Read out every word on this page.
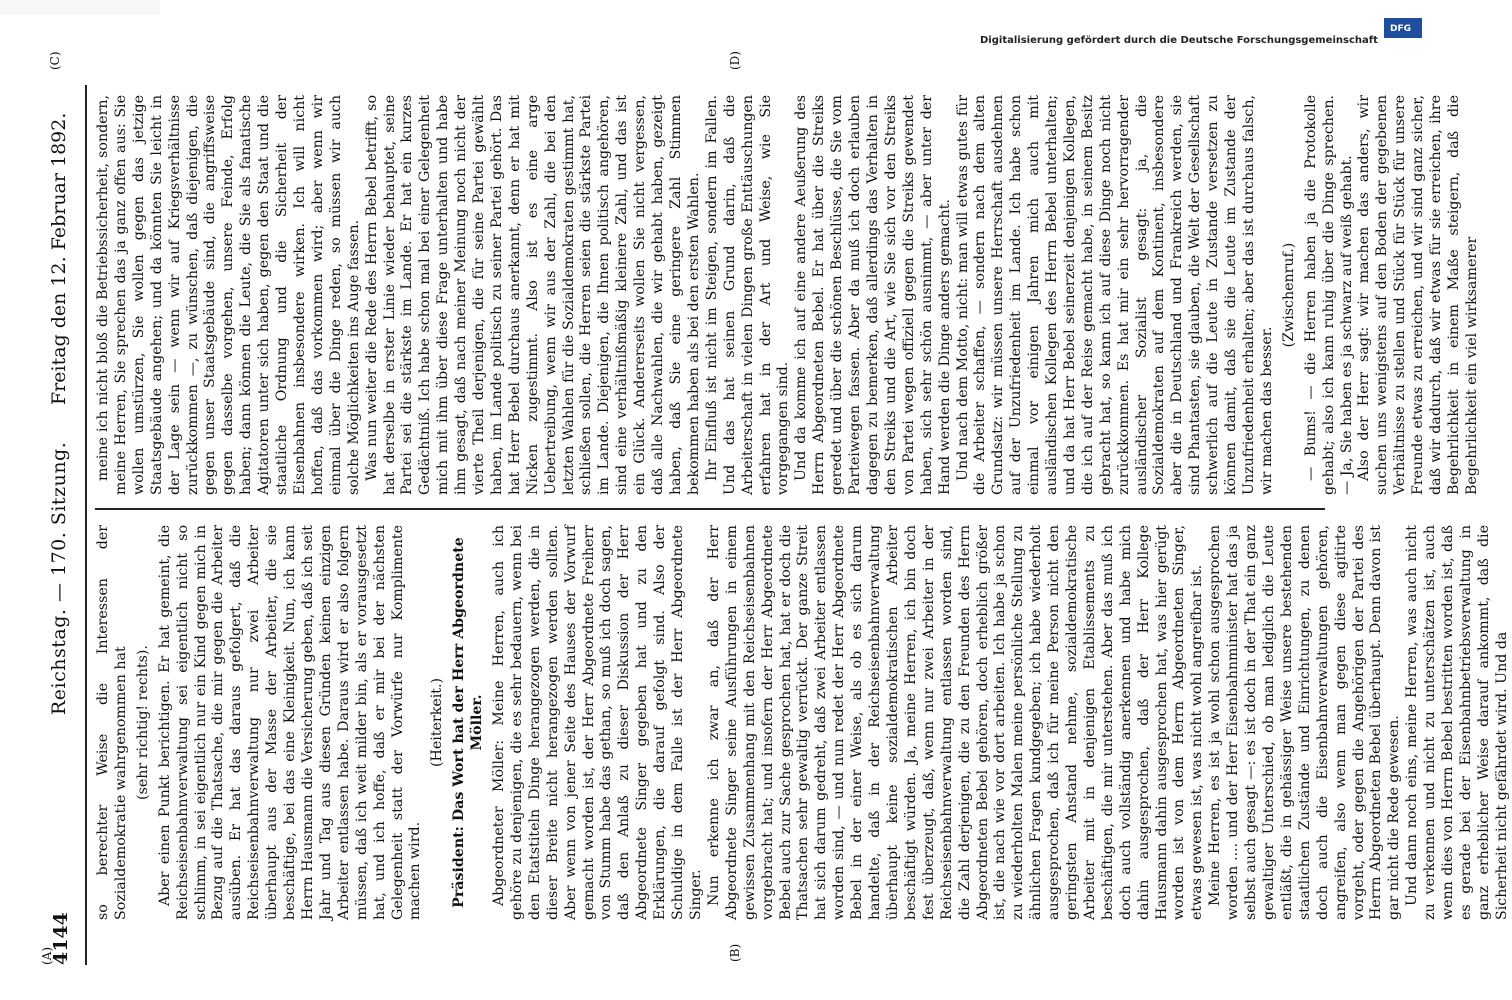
(A)	(B)
(C)	(D)
4144
Reichstag. — 170. Sitzung.
Freitag den 12. Februar 1892.

so berechter Weise die Interessen der Sozialdemokratie wahrgenommen hat (sehr richtig! rechts). Aber einen Punkt berichtigen. Er hat gemeint, die Reichseisenbahnverwaltung sei eigentlich nicht so schlimm, in sei eigentlich nur ein Kind gegen mich in Bezug auf die Thatsache, die mir gegen die Arbeiter ausüben. Er hat das daraus gefolgert, daß die Reichseisenbahnverwaltung nur zwei Arbeiter überhaupt aus der Masse der Arbeiter, die sie beschäftige, bei das eine Kleinigkeit. Nun, ich kann Herrn Hausmann die Versicherung geben, daß ich seit Jahr und Tag aus diesen Gründen keinen einzigen Arbeiter entlassen habe. Daraus wird er also folgern müssen, daß ich weit milder bin, als er vorausgesetzt hat, und ich hoffe, daß er mir bei der nächsten Gelegenheit statt der Vorwürfe nur Komplimente machen wird.

(Heiterkeit.) Präsident: Das Wort hat der Herr Abgeordnete Möller. Abgeordneter Möller: Meine Herren, auch ich gehöre zu denjenigen, die es sehr bedauern, wenn bei den Etatstiteln Dinge herangezogen werden, die in dieser Breite nicht herangezogen werden sollten. Aber wenn von jener Seite des Hauses der Vorwurf gemacht worden ist, der Herr Abgeordnete Freiherr von Stumm habe das gethan, so muß ich doch sagen, daß den Anlaß zu dieser Diskussion der Herr Abgeordnete Singer gegeben hat und zu den Erklärungen, die darauf gefolgt sind. Also der Schuldige in dem Falle ist der Herr Abgeordnete Singer. Nun erkenne ich zwar an, daß der Herr Abgeordnete Singer seine Ausführungen in einem gewissen Zusammenhang mit den Reichseisenbahnen vorgebracht hat; und insofern der Herr Abgeordnete Bebel auch zur Sache gesprochen hat, hat er doch die Thatsachen sehr gewaltig verrückt. Der ganze Streit hat sich darum gedreht, daß zwei Arbeiter entlassen worden sind, — und nun redet der Herr Abgeordnete Bebel in der einer Weise, als ob es sich darum handelte, daß in der Reichseisenbahnverwaltung überhaupt keine sozialdemokratischen Arbeiter beschäftigt würden. Ja, meine Herren, ich bin doch fest überzeugt, daß, wenn nur zwei Arbeiter in der Reichseisenbahnverwaltung entlassen worden sind, die Zahl derjenigen, die zu den Freunden des Herrn Abgeordneten Bebel gehören, doch erheblich größer ist, die nach wie vor dort arbeiten. Ich habe ja schon zu wiederholten Malen meine persönliche Stellung zu ähnlichen Fragen kundgegeben; ich habe wiederholt ausgesprochen, daß ich für meine Person nicht den geringsten Anstand nehme, sozialdemokratische Arbeiter mit in denjenigen Etablissements zu beschäftigen, die mir unterstehen. Aber das muß ich doch auch vollständig anerkennen und habe mich dahin ausgesprochen, daß der Herr Kollege Hausmann dahin ausgesprochen hat, was hier gerügt worden ist von dem Herrn Abgeordneten Singer, etwas gewesen ist, was nicht wohl angreifbar ist. Meine Herren, es ist ja wohl schon ausgesprochen worden .... und der Herr Eisenbahnminister hat das ja selbst auch gesagt —: es ist doch in der That ein ganz gewaltiger Unterschied, ob man lediglich die Leute entläßt, die in gehässiger Weise unsere bestehenden staatlichen Zustände und Einrichtungen, zu denen doch auch die Eisenbahnverwaltungen gehören, angreifen, also wenn man gegen diese agitirte vorgeht, oder gegen die Angehörigen der Partei des Herrn Abgeordneten Bebel überhaupt. Denn davon ist gar nicht die Rede gewesen. Und dann noch eins, meine Herren, was auch nicht zu verkennen und nicht zu unterschätzen ist, auch wenn dies von Herrn Bebel bestritten worden ist, daß es gerade bei der Eisenbahnbetriebsverwaltung in ganz erheblicher Weise darauf ankommt, daß die Sicherheit nicht gefährdet wird. Und da

meine ich nicht bloß die Betriebssicherheit, sondern, meine Herren, Sie sprechen das ja ganz offen aus: Sie wollen umstürzen, Sie wollen gegen das jetzige Staatsgebäude angehen; und da könnten Sie leicht in der Lage sein — wenn wir auf Kriegsverhältnisse zurückkommen —, zu wünschen, daß diejenigen, die gegen unser Staatsgebäude sind, die angriffsweise gegen dasselbe vorgehen, unsere Feinde, Erfolg haben; dann können die Leute, die Sie als fanatische Agitatoren unter sich haben, gegen den Staat und die staatliche Ordnung und die Sicherheit der Eisenbahnen insbesondere wirken. Ich will nicht hoffen, daß das vorkommen wird; aber wenn wir einmal über die Dinge reden, so müssen wir auch solche Möglichkeiten ins Auge fassen. Was nun weiter die Rede des Herrn Bebel betrifft, so hat derselbe in erster Linie wieder behauptet, seine Partei sei die stärkste im Lande. Er hat ein kurzes Gedächtniß. Ich habe schon mal bei einer Gelegenheit mich mit ihm über diese Frage unterhalten und habe ihm gesagt, daß nach meiner Meinung noch nicht der vierte Theil derjenigen, die für seine Partei gewählt haben, im Lande politisch zu seiner Partei gehört. Das hat Herr Bebel durchaus anerkannt, denn er hat mit Nicken zugestimmt. Also ist es eine arge Uebertreibung, wenn wir aus der Zahl, die bei den letzten Wahlen für die Sozialdemokraten gestimmt hat, schließen sollen, die Herren seien die stärkste Partei im Lande. Diejenigen, die Ihnen politisch angehören, sind eine verhältnißmäßig kleinere Zahl, und das ist ein Glück. Andererseits wollen Sie nicht vergessen, daß alle Nachwahlen, die wir gehabt haben, gezeigt haben, daß Sie eine geringere Zahl Stimmen bekommen haben als bei den ersten Wahlen. Ihr Einfluß ist nicht im Steigen, sondern im Fallen. Und das hat seinen Grund darin, daß die Arbeiterschaft in vielen Dingen große Enttäuschungen erfahren hat in der Art und Weise, wie Sie vorgegangen sind. Und da komme ich auf eine andere Aeußerung des Herrn Abgeordneten Bebel. Er hat über die Streiks geredet und über die schönen Beschlüsse, die Sie vom Parteiwegen fassen. Aber da muß ich doch erlauben dagegen zu bemerken, daß allerdings das Verhalten in den Streiks und die Art, wie Sie sich vor den Streiks von Partei wegen offiziell gegen die Streiks gewendet haben, sich sehr schön ausnimmt, — aber unter der Hand werden die Dinge anders gemacht. Und nach dem Motto, nicht: man will etwas gutes für die Arbeiter schaffen, — sondern nach dem alten Grundsatz: wir müssen unsere Herrschaft ausdehnen auf der Unzufriedenheit im Lande. Ich habe schon einmal vor einigen Jahren mich auch mit ausländischen Kollegen des Herrn Bebel unterhalten; und da hat Herr Bebel seinerzeit denjenigen Kollegen, die ich auf der Reise gemacht habe, in seinem Besitz gebracht hat, so kann ich auf diese Dinge noch nicht zurückkommen. Es hat mir ein sehr hervorragender ausländischer Sozialist gesagt: ja, die Sozialdemokraten auf dem Kontinent, insbesondere aber die in Deutschland und Frankreich werden, sie sind Phantasten, sie glauben, die Welt der Gesellschaft schwerlich auf die Leute in Zustande versetzen zu können damit, daß sie die Leute im Zustande der Unzufriedenheit erhalten; aber das ist durchaus falsch, wir machen das besser.

(Zwischenruf.) — Bums! — die Herren haben ja die Protokolle gehabt; also ich kann ruhig über die Dinge sprechen. — Ja, Sie haben es ja schwarz auf weiß gehabt. Also der Herr sagt: wir machen das anders, wir suchen uns wenigstens auf den Boden der gegebenen Verhältnisse zu stellen und Stück für Stück für unsere Freunde etwas zu erreichen, und wir sind ganz sicher, daß wir dadurch, daß wir etwas für sie erreichen, ihre Begehrlichkeit in einem Maße steigern, daß die Begehrlichkeit ein viel wirksamerer

Digitalisierung gefördert durch die Deutsche Forschungsgemeinschaft
DFG
